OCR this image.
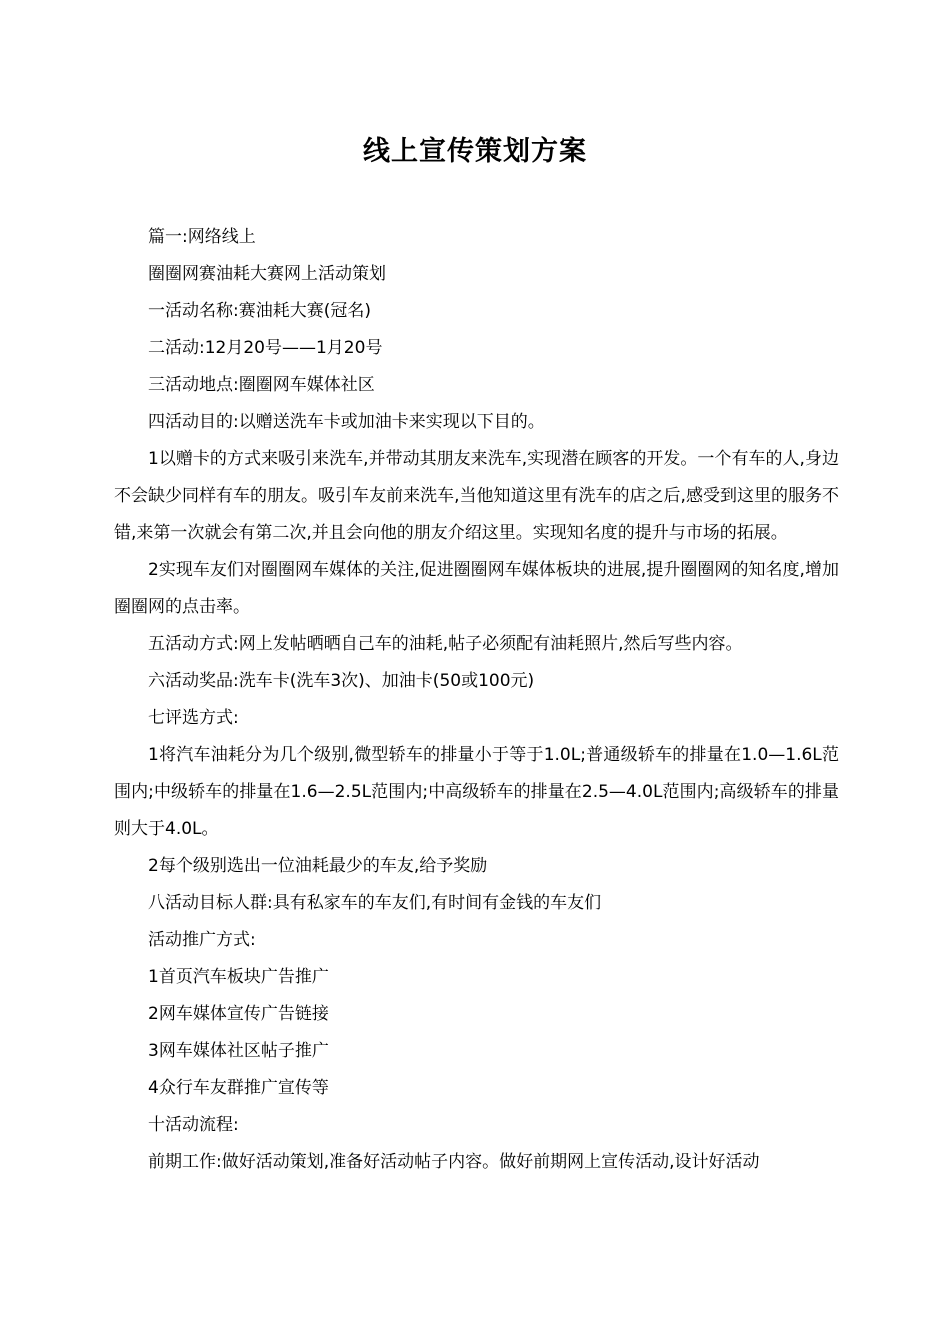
线上宣传策划方案

篇一:网络线上

圈圈网赛油耗大赛网上活动策划

一活动名称:赛油耗大赛(冠名)

二活动:12月20号——1月20号

三活动地点:圈圈网车媒体社区

四活动目的:以赠送洗车卡或加油卡来实现以下目的。

1以赠卡的方式来吸引来洗车,并带动其朋友来洗车,实现潜在顾客的开发。一个有车的人,身边不会缺少同样有车的朋友。吸引车友前来洗车,当他知道这里有洗车的店之后,感受到这里的服务不错,来第一次就会有第二次,并且会向他的朋友介绍这里。实现知名度的提升与市场的拓展。

2实现车友们对圈圈网车媒体的关注,促进圈圈网车媒体板块的进展,提升圈圈网的知名度,增加圈圈网的点击率。

五活动方式:网上发帖晒晒自己车的油耗,帖子必须配有油耗照片,然后写些内容。

六活动奖品:洗车卡(洗车3次)、加油卡(50或100元)

七评选方式:

1将汽车油耗分为几个级别,微型轿车的排量小于等于1.0L;普通级轿车的排量在1.0—1.6L范围内;中级轿车的排量在1.6—2.5L范围内;中高级轿车的排量在2.5—4.0L范围内;高级轿车的排量则大于4.0L。

2每个级别选出一位油耗最少的车友,给予奖励

八活动目标人群:具有私家车的车友们,有时间有金钱的车友们

活动推广方式:

1首页汽车板块广告推广

2网车媒体宣传广告链接

3网车媒体社区帖子推广

4众行车友群推广宣传等

十活动流程:

前期工作:做好活动策划,准备好活动帖子内容。做好前期网上宣传活动,设计好活动
